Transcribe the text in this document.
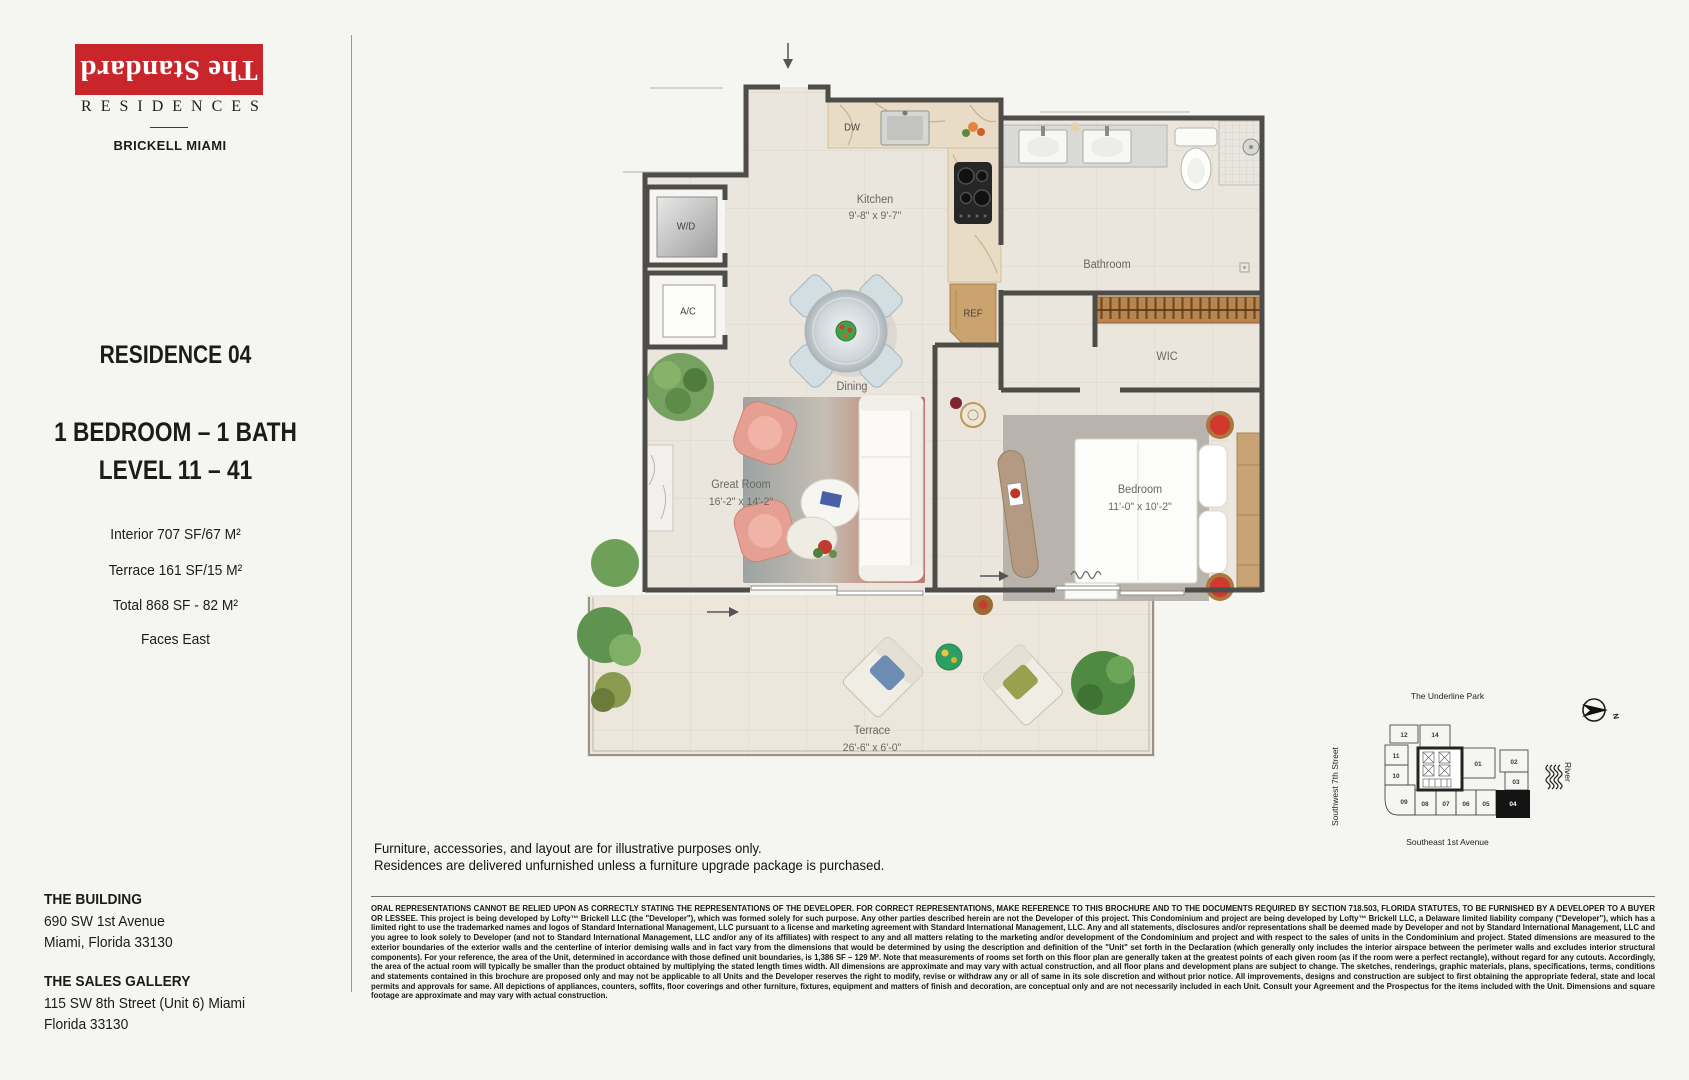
The Standard
RESIDENCES
BRICKELL MIAMI
RESIDENCE 04
1 BEDROOM – 1 BATH
LEVEL 11 – 41
Interior 707 SF/67 M²
Terrace 161 SF/15 M²
Total 868 SF - 82 M²
Faces East
THE BUILDING
690 SW 1st Avenue
Miami, Florida 33130
THE SALES GALLERY
115 SW 8th Street (Unit 6) Miami
Florida 33130
DW
Kitchen
9'-8" x 9'-7"
W/D
A/C	REF
Dining
Great Room
16'-2" x 14'-2"
Bathroom
WIC
Bedroom
11'-0" x 10'-2"
Terrace
26'-6" x 6'-0"
Furniture, accessories, and layout are for illustrative purposes only.
Residences are delivered unfurnished unless a furniture upgrade package is purchased.
ORAL REPRESENTATIONS CANNOT BE RELIED UPON AS CORRECTLY STATING THE REPRESENTATIONS OF THE DEVELOPER. FOR CORRECT REPRESENTATIONS, MAKE REFERENCE TO THIS BROCHURE AND TO THE DOCUMENTS REQUIRED BY SECTION 718.503, FLORIDA STATUTES, TO BE FURNISHED BY A DEVELOPER TO A BUYER OR LESSEE. This project is being developed by Lofty™ Brickell LLC (the "Developer"), which was formed solely for such purpose. Any other parties described herein are not the Developer of this project. This Condominium and project are being developed by Lofty™ Brickell LLC, a Delaware limited liability company ("Developer"), which has a limited right to use the trademarked names and logos of Standard International Management, LLC pursuant to a license and marketing agreement with Standard International Management, LLC. Any and all statements, disclosures and/or representations shall be deemed made by Developer and not by Standard International Management, LLC and you agree to look solely to Developer (and not to Standard International Management, LLC and/or any of its affiliates) with respect to any and all matters relating to the marketing and/or development of the Condominium and project and with respect to the sales of units in the Condominium and project. Stated dimensions are measured to the exterior boundaries of the exterior walls and the centerline of interior demising walls and in fact vary from the dimensions that would be determined by using the description and definition of the "Unit" set forth in the Declaration (which generally only includes the interior airspace between the perimeter walls and excludes interior structural components). For your reference, the area of the Unit, determined in accordance with those defined unit boundaries, is 1,386 SF – 129 M². Note that measurements of rooms set forth on this floor plan are generally taken at the greatest points of each given room (as if the room were a perfect rectangle), without regard for any cutouts. Accordingly, the area of the actual room will typically be smaller than the product obtained by multiplying the stated length times width. All dimensions are approximate and may vary with actual construction, and all floor plans and development plans are subject to change. The sketches, renderings, graphic materials, plans, specifications, terms, conditions and statements contained in this brochure are proposed only and may not be applicable to all Units and the Developer reserves the right to modify, revise or withdraw any or all of same in its sole discretion and without prior notice. All improvements, designs and construction are subject to first obtaining the appropriate federal, state and local permits and approvals for same. All depictions of appliances, counters, soffits, floor coverings and other furniture, fixtures, equipment and matters of finish and decoration, are conceptual only and are not necessarily included in each Unit. Consult your Agreement and the Prospectus for the items included with the Unit. Dimensions and square footage are approximate and may vary with actual construction.
The Underline Park
Southeast 1st Avenue
Southwest 7th Street	River
12	14
11
10
09
01	02
03
08 07 06 05	04
N
